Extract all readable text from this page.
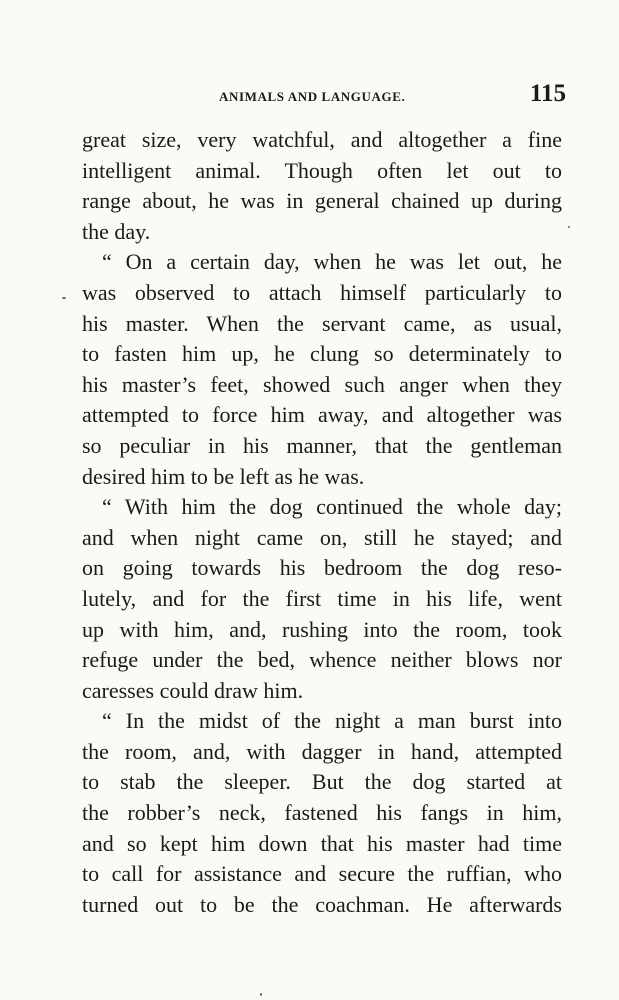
ANIMALS AND LANGUAGE.	115
great size, very watchful, and altogether a fine
intelligent animal. Though often let out to
range about, he was in general chained up during
the day.
“ On a certain day, when he was let out, he
was observed to attach himself particularly to
his master. When the servant came, as usual,
to fasten him up, he clung so determinately to
his master’s feet, showed such anger when they
attempted to force him away, and altogether was
so peculiar in his manner, that the gentleman
desired him to be left as he was.
“ With him the dog continued the whole day;
and when night came on, still he stayed; and
on going towards his bedroom the dog reso-
lutely, and for the first time in his life, went
up with him, and, rushing into the room, took
refuge under the bed, whence neither blows nor
caresses could draw him.
“ In the midst of the night a man burst into
the room, and, with dagger in hand, attempted
to stab the sleeper. But the dog started at
the robber’s neck, fastened his fangs in him,
and so kept him down that his master had time
to call for assistance and secure the ruffian, who
turned out to be the coachman. He afterwards
